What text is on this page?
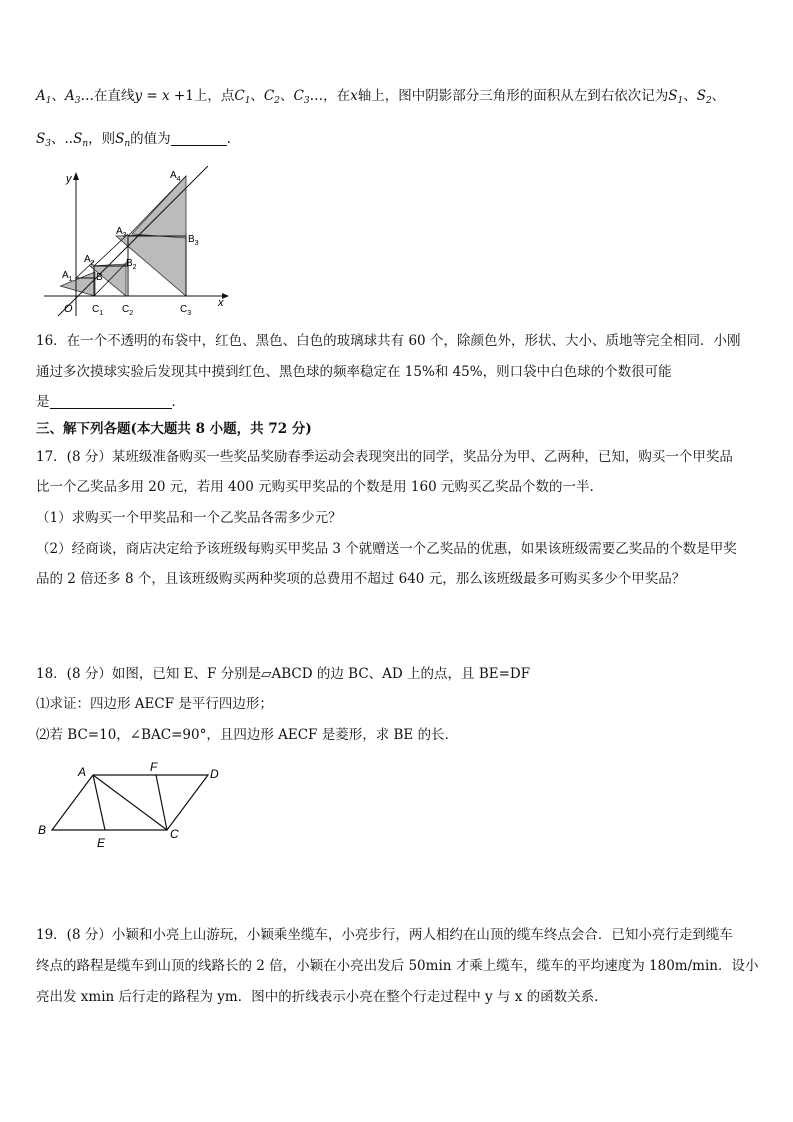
$A_1$、$A_3\dots$在直线y = x +1上，点$C_1$、$C_2$、$C_3\dots$，在x轴上，图中阴影部分三角形的面积从左到右依次记为$S_1$、$S_2$、
$S_3$、$..S_n$，则$S_n$的值为	.
y
x
O
$A_1$
$A_2$
$A_3$
$A_4$
B
$B_2$
$B_3$
$C_1$ $C_2$	$C_3$
16．在一个不透明的布袋中，红色、黑色、白色的玻璃球共有 60 个，除颜色外，形状、大小、质地等完全相同．小刚
通过多次摸球实验后发现其中摸到红色、黑色球的频率稳定在 15%和 45%，则口袋中白色球的个数很可能
是	．
三、解下列各题(本大题共 8 小题，共 72 分)
17．(8 分）某班级准备购买一些奖品奖励春季运动会表现突出的同学，奖品分为甲、乙两种，已知，购买一个甲奖品
比一个乙奖品多用 20 元，若用 400 元购买甲奖品的个数是用 160 元购买乙奖品个数的一半.
（1）求购买一个甲奖品和一个乙奖品各需多少元？
（2）经商谈，商店决定给予该班级每购买甲奖品 3 个就赠送一个乙奖品的优惠，如果该班级需要乙奖品的个数是甲奖
品的 2 倍还多 8 个，且该班级购买两种奖项的总费用不超过 640 元，那么该班级最多可购买多少个甲奖品？
18．(8 分）如图，已知 E、F 分别是▱ABCD 的边 BC、AD 上的点，且 BE=DF
⑴求证：四边形 AECF 是平行四边形；
⑵若 BC=10，∠BAC=90°，且四边形 AECF 是菱形，求 BE 的长．
A	F	D
B	C
E
19．(8 分）小颖和小亮上山游玩，小颖乘坐缆车，小亮步行，两人相约在山顶的缆车终点会合．已知小亮行走到缆车
终点的路程是缆车到山顶的线路长的 2 倍，小颖在小亮出发后 50min 才乘上缆车，缆车的平均速度为 180m/min．设小
亮出发 xmin 后行走的路程为 ym．图中的折线表示小亮在整个行走过程中 y 与 x 的函数关系．
